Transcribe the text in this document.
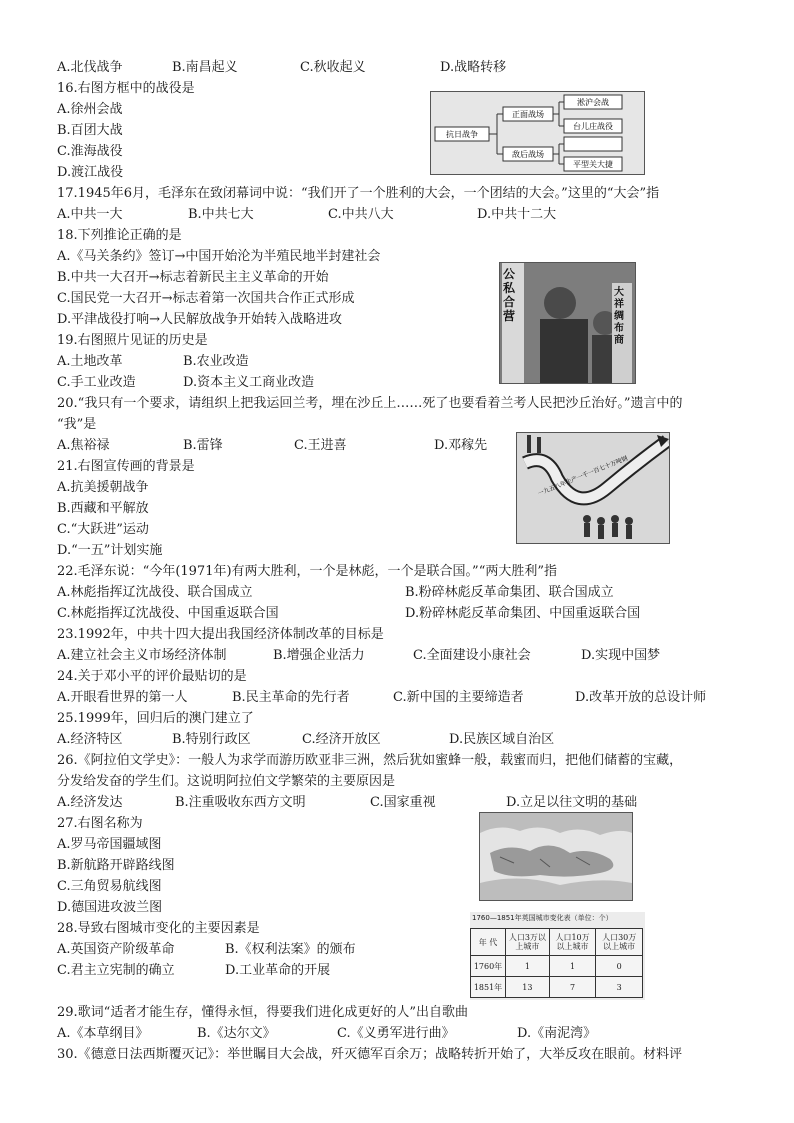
A.北伐战争	B.南昌起义	C.秋收起义	D.战略转移
16.右图方框中的战役是
A.徐州会战
B.百团大战
C.淮海战役
D.渡江战役
17.1945年6月，毛泽东在致闭幕词中说：“我们开了一个胜利的大会，一个团结的大会。”这里的“大会”指
A.中共一大	B.中共七大	C.中共八大	D.中共十二大
18.下列推论正确的是
A.《马关条约》签订→中国开始沦为半殖民地半封建社会
B.中共一大召开→标志着新民主主义革命的开始
C.国民党一大召开→标志着第一次国共合作正式形成
D.平津战役打响→人民解放战争开始转入战略进攻
19.右图照片见证的历史是
A.土地改革	B.农业改造
C.手工业改造	D.资本主义工商业改造
20.“我只有一个要求，请组织上把我运回兰考，埋在沙丘上……死了也要看着兰考人民把沙丘治好。”遗言中的
“我”是
A.焦裕禄	B.雷锋	C.王进喜	D.邓稼先
21.右图宣传画的背景是
A.抗美援朝战争
B.西藏和平解放
C.“大跃进”运动
D.“一五”计划实施
22.毛泽东说：“今年(1971年)有两大胜利，一个是林彪，一个是联合国。”“两大胜利”指
A.林彪指挥辽沈战役、联合国成立	B.粉碎林彪反革命集团、联合国成立
C.林彪指挥辽沈战役、中国重返联合国	D.粉碎林彪反革命集团、中国重返联合国
23.1992年，中共十四大提出我国经济体制改革的目标是
A.建立社会主义市场经济体制	B.增强企业活力	C.全面建设小康社会	D.实现中国梦
24.关于邓小平的评价最贴切的是
A.开眼看世界的第一人	B.民主革命的先行者	C.新中国的主要缔造者	D.改革开放的总设计师
25.1999年，回归后的澳门建立了
A.经济特区	B.特别行政区	C.经济开放区	D.民族区域自治区
26.《阿拉伯文学史》：一般人为求学而游历欧亚非三洲，然后犹如蜜蜂一般，载蜜而归，把他们储蓄的宝藏，
分发给发奋的学生们。这说明阿拉伯文学繁荣的主要原因是
A.经济发达	B.注重吸收东西方文明	C.国家重视	D.立足以往文明的基础
27.右图名称为
A.罗马帝国疆域图
B.新航路开辟路线图
C.三角贸易航线图
D.德国进攻波兰图
28.导致右图城市变化的主要因素是
A.英国资产阶级革命	B.《权利法案》的颁布
C.君主立宪制的确立	D.工业革命的开展
29.歌词“适者才能生存，懂得永恒，得要我们进化成更好的人”出自歌曲
A.《本草纲目》	B.《达尔文》	C.《义勇军进行曲》	D.《南泥湾》
30.《德意日法西斯覆灭记》：举世瞩目大会战，歼灭德军百余万；战略转折开始了，大举反攻在眼前。材料评
抗日战争
正面战场
敌后战场
淞沪会战
台儿庄战役
平型关大捷
公私合营
大祥绸布商
一九五八年生产一千一百七十万吨钢
1760—1851年英国城市变化表（单位：个）
年 代	人口3万以上城市	人口10万以上城市	人口30万以上城市
1760年	1	1	0
1851年	13	7	3
